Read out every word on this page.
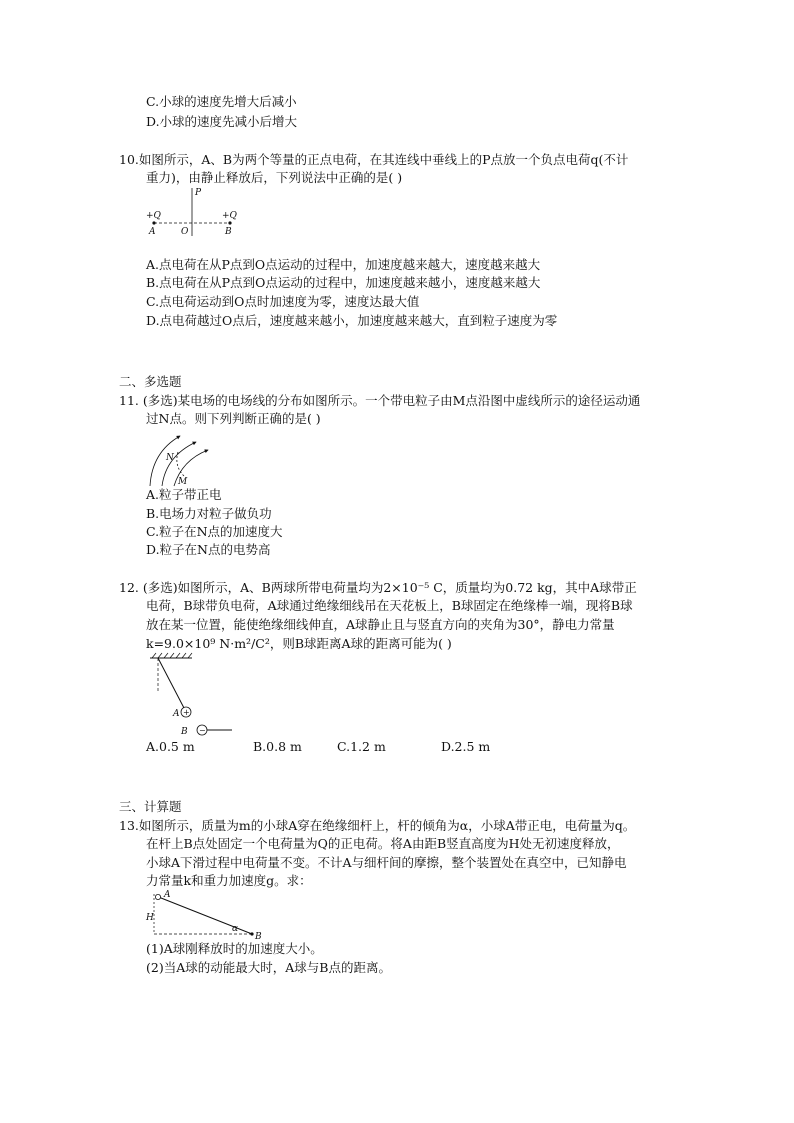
C.小球的速度先增大后减小
D.小球的速度先减小后增大
10.如图所示，A、B为两个等量的正点电荷，在其连线中垂线上的P点放一个负点电荷q(不计
重力)，由静止释放后，下列说法中正确的是( )
P
+Q	+Q
A	O	B
A.点电荷在从P点到O点运动的过程中，加速度越来越大，速度越来越大
B.点电荷在从P点到O点运动的过程中，加速度越来越小，速度越来越大
C.点电荷运动到O点时加速度为零，速度达最大值
D.点电荷越过O点后，速度越来越小，加速度越来越大，直到粒子速度为零
二、多选题
11. (多选)某电场的电场线的分布如图所示。一个带电粒子由M点沿图中虚线所示的途径运动通
过N点。则下列判断正确的是( )
N
M
A.粒子带正电
B.电场力对粒子做负功
C.粒子在N点的加速度大
D.粒子在N点的电势高
12. (多选)如图所示，A、B两球所带电荷量均为2×10⁻⁵ C，质量均为0.72 kg，其中A球带正
电荷，B球带负电荷，A球通过绝缘细线吊在天花板上，B球固定在绝缘棒一端，现将B球
放在某一位置，能使绝缘细线伸直，A球静止且与竖直方向的夹角为30°，静电力常量
k=9.0×10⁹ N·m²/C²，则B球距离A球的距离可能为( )
+
A
−
B
A.0.5 m	B.0.8 m	C.1.2 m	D.2.5 m
三、计算题
13.如图所示，质量为m的小球A穿在绝缘细杆上，杆的倾角为α，小球A带正电，电荷量为q。
在杆上B点处固定一个电荷量为Q的正电荷。将A由距B竖直高度为H处无初速度释放，
小球A下滑过程中电荷量不变。不计A与细杆间的摩擦，整个装置处在真空中，已知静电
力常量k和重力加速度g。求：
A
H
α
B
(1)A球刚释放时的加速度大小。
(2)当A球的动能最大时，A球与B点的距离。
